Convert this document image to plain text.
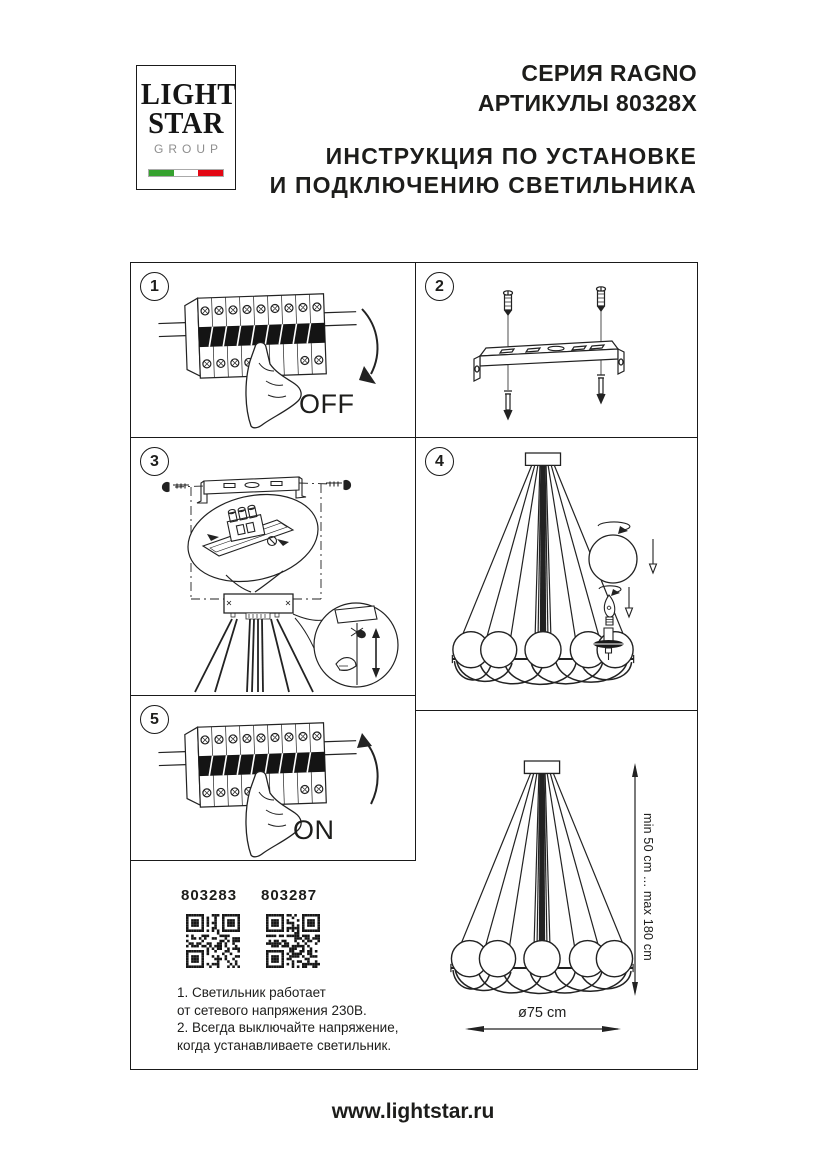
LIGHT
STAR
GROUP
СЕРИЯ RAGNO
АРТИКУЛЫ 80328X
ИНСТРУКЦИЯ ПО УСТАНОВКЕ
И ПОДКЛЮЧЕНИЮ СВЕТИЛЬНИКА
1
OFF
2
3	4
5
ON	min 50 cm ... max 180 cm
ø75 cm
803283 803287
1. Светильник работает
от сетевого напряжения 230В.
2. Всегда выключайте напряжение,
когда устанавливаете светильник.
www.lightstar.ru
